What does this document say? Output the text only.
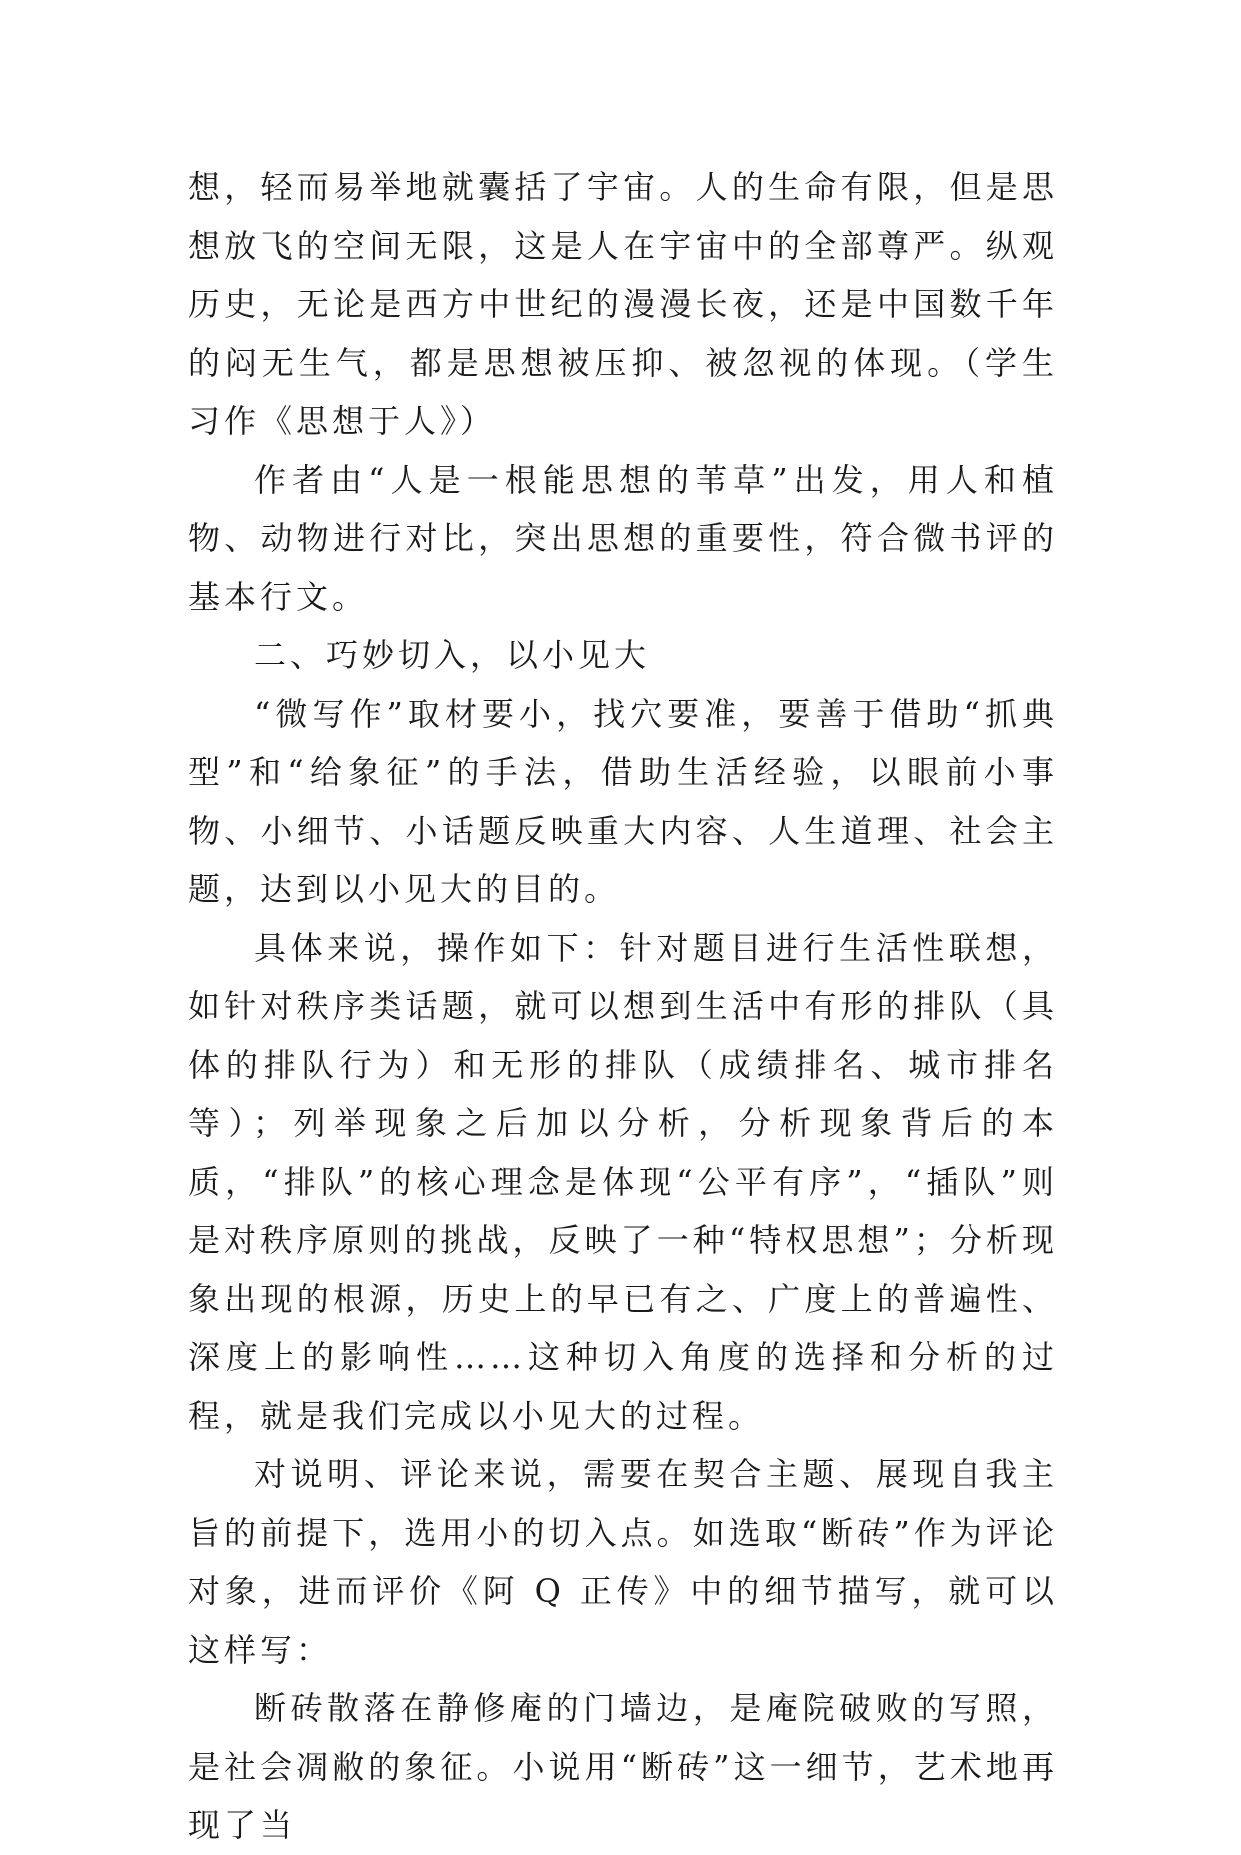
想，轻而易举地就囊括了宇宙。人的生命有限，但是思想放飞的空间无限，这是人在宇宙中的全部尊严。纵观历史，无论是西方中世纪的漫漫长夜，还是中国数千年的闷无生气，都是思想被压抑、被忽视的体现。（学生习作《思想于人》）

作者由“人是一根能思想的苇草”出发，用人和植物、动物进行对比，突出思想的重要性，符合微书评的基本行文。

二、巧妙切入，以小见大

“微写作”取材要小，找穴要准，要善于借助“抓典型”和“给象征”的手法，借助生活经验，以眼前小事物、小细节、小话题反映重大内容、人生道理、社会主题，达到以小见大的目的。

具体来说，操作如下：针对题目进行生活性联想，如针对秩序类话题，就可以想到生活中有形的排队（具体的排队行为）和无形的排队（成绩排名、城市排名等）；列举现象之后加以分析，分析现象背后的本质，“排队”的核心理念是体现“公平有序”，“插队”则是对秩序原则的挑战，反映了一种“特权思想”；分析现象出现的根源，历史上的早已有之、广度上的普遍性、深度上的影响性……这种切入角度的选择和分析的过程，就是我们完成以小见大的过程。

对说明、评论来说，需要在契合主题、展现自我主旨的前提下，选用小的切入点。如选取“断砖”作为评论对象，进而评价《阿 Q 正传》中的细节描写，就可以这样写：

断砖散落在静修庵的门墙边，是庵院破败的写照，是社会凋敝的象征。小说用“断砖”这一细节，艺术地再现了当
